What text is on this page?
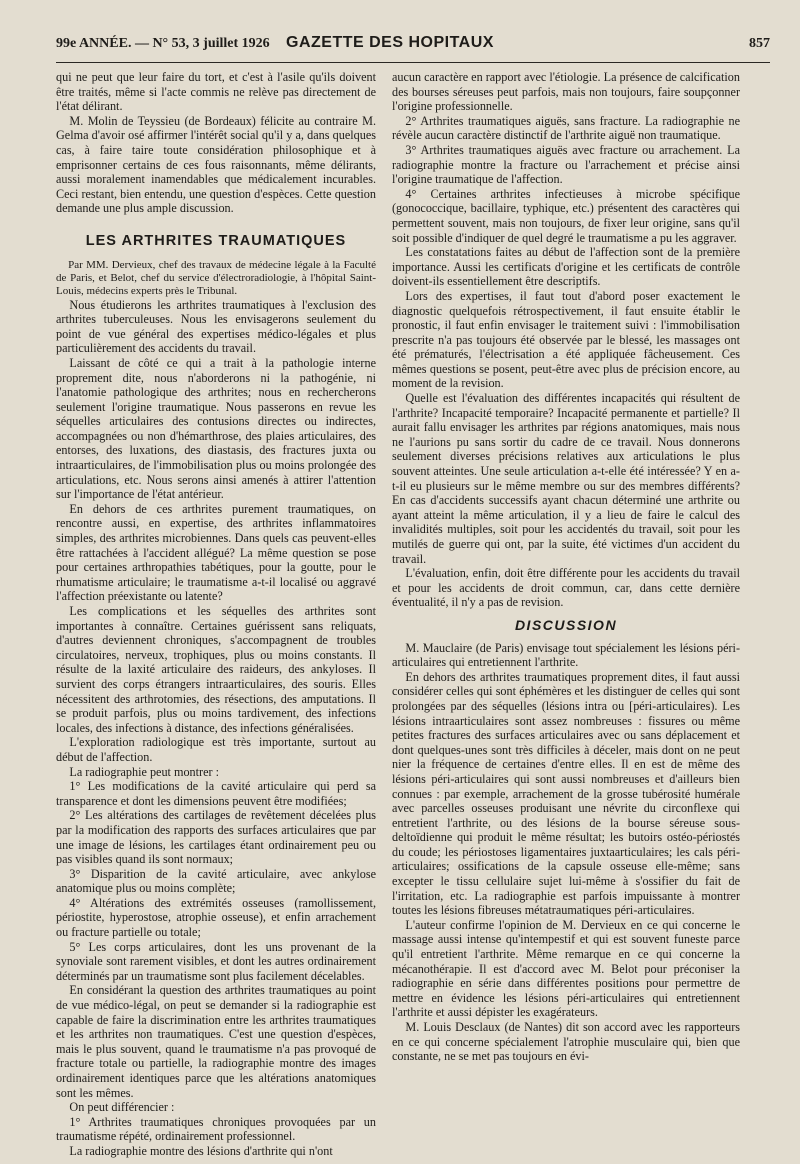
99e ANNÉE. — N° 53, 3 juillet 1926 GAZETTE DES HOPITAUX	857

qui ne peut que leur faire du tort, et c'est à l'asile qu'ils doivent être traités, même si l'acte commis ne relève pas directement de l'état délirant.

M. Molin de Teyssieu (de Bordeaux) félicite au contraire M. Gelma d'avoir osé affirmer l'intérêt social qu'il y a, dans quelques cas, à faire taire toute considération philosophique et à emprisonner certains de ces fous raisonnants, même délirants, aussi moralement inamendables que médicalement incurables. Ceci restant, bien entendu, une question d'espèces. Cette question demande une plus ample discussion.

LES ARTHRITES TRAUMATIQUES

Par MM. Dervieux, chef des travaux de médecine légale à la Faculté de Paris, et Belot, chef du service d'électroradiologie, à l'hôpital Saint-Louis, médecins experts près le Tribunal.

Nous étudierons les arthrites traumatiques à l'exclusion des arthrites tuberculeuses. Nous les envisagerons seulement du point de vue général des expertises médico-légales et plus particulièrement des accidents du travail.

Laissant de côté ce qui a trait à la pathologie interne proprement dite, nous n'aborderons ni la pathogénie, ni l'anatomie pathologique des arthrites; nous en rechercherons seulement l'origine traumatique. Nous passerons en revue les séquelles articulaires des contusions directes ou indirectes, accompagnées ou non d'hémarthrose, des plaies articulaires, des entorses, des luxations, des diastasis, des fractures juxta ou intraarticulaires, de l'immobilisation plus ou moins prolongée des articulations, etc. Nous serons ainsi amenés à attirer l'attention sur l'importance de l'état antérieur.

En dehors de ces arthrites purement traumatiques, on rencontre aussi, en expertise, des arthrites inflammatoires simples, des arthrites microbiennes. Dans quels cas peuvent-elles être rattachées à l'accident allégué? La même question se pose pour certaines arthropathies tabétiques, pour la goutte, pour le rhumatisme articulaire; le traumatisme a-t-il localisé ou aggravé l'affection préexistante ou latente?

Les complications et les séquelles des arthrites sont importantes à connaître. Certaines guérissent sans reliquats, d'autres deviennent chroniques, s'accompagnent de troubles circulatoires, nerveux, trophiques, plus ou moins constants. Il résulte de la laxité articulaire des raideurs, des ankyloses. Il survient des corps étrangers intraarticulaires, des souris. Elles nécessitent des arthrotomies, des résections, des amputations. Il se produit parfois, plus ou moins tardivement, des infections locales, des infections à distance, des infections généralisées.

L'exploration radiologique est très importante, surtout au début de l'affection.

La radiographie peut montrer :

1° Les modifications de la cavité articulaire qui perd sa transparence et dont les dimensions peuvent être modifiées;

2° Les altérations des cartilages de revêtement décelées plus par la modification des rapports des surfaces articulaires que par une image de lésions, les cartilages étant ordinairement peu ou pas visibles quand ils sont normaux;

3° Disparition de la cavité articulaire, avec ankylose anatomique plus ou moins complète;

4° Altérations des extrémités osseuses (ramollissement, périostite, hyperostose, atrophie osseuse), et enfin arrachement ou fracture partielle ou totale;

5° Les corps articulaires, dont les uns provenant de la synoviale sont rarement visibles, et dont les autres ordinairement déterminés par un traumatisme sont plus facilement décelables.

En considérant la question des arthrites traumatiques au point de vue médico-légal, on peut se demander si la radiographie est capable de faire la discrimination entre les arthrites traumatiques et les arthrites non traumatiques. C'est une question d'espèces, mais le plus souvent, quand le traumatisme n'a pas provoqué de fracture totale ou partielle, la radiographie montre des images ordinairement identiques parce que les altérations anatomiques sont les mêmes.

On peut différencier :

1° Arthrites traumatiques chroniques provoquées par un traumatisme répété, ordinairement professionnel.

La radiographie montre des lésions d'arthrite qui n'ont

aucun caractère en rapport avec l'étiologie. La présence de calcification des bourses séreuses peut parfois, mais non toujours, faire soupçonner l'origine professionnelle.

2° Arthrites traumatiques aiguës, sans fracture. La radiographie ne révèle aucun caractère distinctif de l'arthrite aiguë non traumatique.

3° Arthrites traumatiques aiguës avec fracture ou arrachement. La radiographie montre la fracture ou l'arrachement et précise ainsi l'origine traumatique de l'affection.

4° Certaines arthrites infectieuses à microbe spécifique (gonococcique, bacillaire, typhique, etc.) présentent des caractères qui permettent souvent, mais non toujours, de fixer leur origine, sans qu'il soit possible d'indiquer de quel degré le traumatisme a pu les aggraver.

Les constatations faites au début de l'affection sont de la première importance. Aussi les certificats d'origine et les certificats de contrôle doivent-ils essentiellement être descriptifs.

Lors des expertises, il faut tout d'abord poser exactement le diagnostic quelquefois rétrospectivement, il faut ensuite établir le pronostic, il faut enfin envisager le traitement suivi : l'immobilisation prescrite n'a pas toujours été observée par le blessé, les massages ont été prématurés, l'électrisation a été appliquée fâcheusement. Ces mêmes questions se posent, peut-être avec plus de précision encore, au moment de la revision.

Quelle est l'évaluation des différentes incapacités qui résultent de l'arthrite? Incapacité temporaire? Incapacité permanente et partielle? Il aurait fallu envisager les arthrites par régions anatomiques, mais nous ne l'aurions pu sans sortir du cadre de ce travail. Nous donnerons seulement diverses précisions relatives aux articulations le plus souvent atteintes. Une seule articulation a-t-elle été intéressée? Y en a-t-il eu plusieurs sur le même membre ou sur des membres différents? En cas d'accidents successifs ayant chacun déterminé une arthrite ou ayant atteint la même articulation, il y a lieu de faire le calcul des invalidités multiples, soit pour les accidentés du travail, soit pour les mutilés de guerre qui ont, par la suite, été victimes d'un accident du travail.

L'évaluation, enfin, doit être différente pour les accidents du travail et pour les accidents de droit commun, car, dans cette dernière éventualité, il n'y a pas de revision.

DISCUSSION

M. Mauclaire (de Paris) envisage tout spécialement les lésions péri-articulaires qui entretiennent l'arthrite.

En dehors des arthrites traumatiques proprement dites, il faut aussi considérer celles qui sont éphémères et les distinguer de celles qui sont prolongées par des séquelles (lésions intra ou [péri-articulaires). Les lésions intraarticulaires sont assez nombreuses : fissures ou même petites fractures des surfaces articulaires avec ou sans déplacement et dont quelques-unes sont très difficiles à déceler, mais dont on ne peut nier la fréquence de certaines d'entre elles. Il en est de même des lésions péri-articulaires qui sont aussi nombreuses et d'ailleurs bien connues : par exemple, arrachement de la grosse tubérosité humérale avec parcelles osseuses produisant une névrite du circonflexe qui entretient l'arthrite, ou des lésions de la bourse séreuse sous-deltoïdienne qui produit le même résultat; les butoirs ostéo-périostés du coude; les périostoses ligamentaires juxtaarticulaires; les cals péri-articulaires; ossifications de la capsule osseuse elle-même; sans excepter le tissu cellulaire sujet lui-même à s'ossifier du fait de l'irritation, etc. La radiographie est parfois impuissante à montrer toutes les lésions fibreuses métatraumatiques péri-articulaires.

L'auteur confirme l'opinion de M. Dervieux en ce qui concerne le massage aussi intense qu'intempestif et qui est souvent funeste parce qu'il entretient l'arthrite. Même remarque en ce qui concerne la mécanothérapie. Il est d'accord avec M. Belot pour préconiser la radiographie en série dans différentes positions pour permettre de mettre en évidence les lésions péri-articulaires qui entretiennent l'arthrite et aussi dépister les exagérateurs.

M. Louis Desclaux (de Nantes) dit son accord avec les rapporteurs en ce qui concerne spécialement l'atrophie musculaire qui, bien que constante, ne se met pas toujours en évi-
